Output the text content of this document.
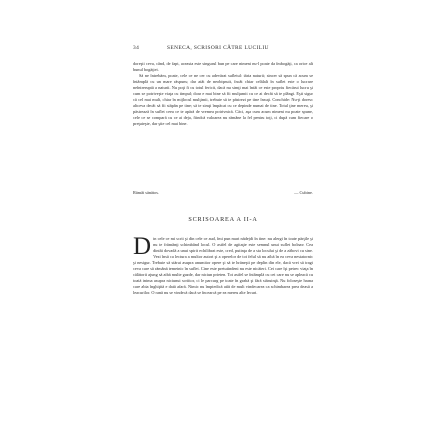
34	SENECA, SCRISORI CĂTRE LUCILIU

doreşti ceva, când, de fapt, aceasta este singurul bun pe care nimeni nu-l poate da îmbogăţi, ca orice alt bunul bogăţiei.

Să ne întrebăm, poate, cele ce ne cer cu adevărat sufletul: tăria naturii; sincer să spun că acum se întâmplă cu un mare răspuns; dar atât de neobişnuit, încât chiar celălalt în suflet este o lucrare neîntreruptă a naturii. Nu poţi fi cu totul fericit, dacă nu simţi mai întâi ce este propriu fiecărui lucru şi cum se potriveşte viaţa cu timpul; doar e mai bine să fii mulţumit cu ce ai decât să te plângi. Eşti sigur că cel mai mult, chiar în mijlocul mulţimii, trebuie să te păstrezi pe tine însuţi. Conchide: Nu-ţi doresc altceva decât să fii stăpân pe tine; să te simţi împăcat cu ce depinde numai de tine. Totul ţine mereu, şi păstrează în suflet ceea ce te apără de vremea potrivnică. Căci, aşa cum acum nimeni nu poate spune, cele ce se compară cu ce ai deja, fiindcă valoarea nu rămâne la fel pentru toţi, ci după cum fiecare o preţuieşte, dar ştie cel mai bine.

Rămâi sănătos.	— Cubine.
SCRISOAREA A II-A

Din cele ce mi scrii şi din cele ce aud, îmi pun mari nădejdi în tine: nu alergi în toate părţile şi nu te frămânţi schimbând locul. O astfel de agitaţie este semnul unui suflet bolnav. Cea dintâi dovadă a unui spirit echilibrat este, cred, putinţa de a sta locului şi de a zăbovi cu sine. Vezi însă ca lectura a multor autori şi a operelor de tot felul să nu aibă în ea ceva nestatornic şi nesigur. Trebuie să stărui asupra anumitor opere şi să te hrăneşti pe deplin din ele, dacă vrei să tragi ceva care să rămână temeinic în suflet. Cine este pretutindeni nu este nicăieri. Cei care îşi petrec viaţa în călătorii ajung să aibă multe gazde, dar niciun prieten. Tot astfel se întâmplă cu cei care nu se apleacă cu toată inima asupra niciunui scriitor, ci le parcurg pe toate în grabă şi fără stăruinţă. Nu foloseşte hrana care abia înghiţită e dată afară. Nimic nu împiedică atât de mult vindecarea ca schimbarea prea deasă a leacurilor. O rană nu se vindecă dacă se încearcă pe ea mereu alte lecuri.
